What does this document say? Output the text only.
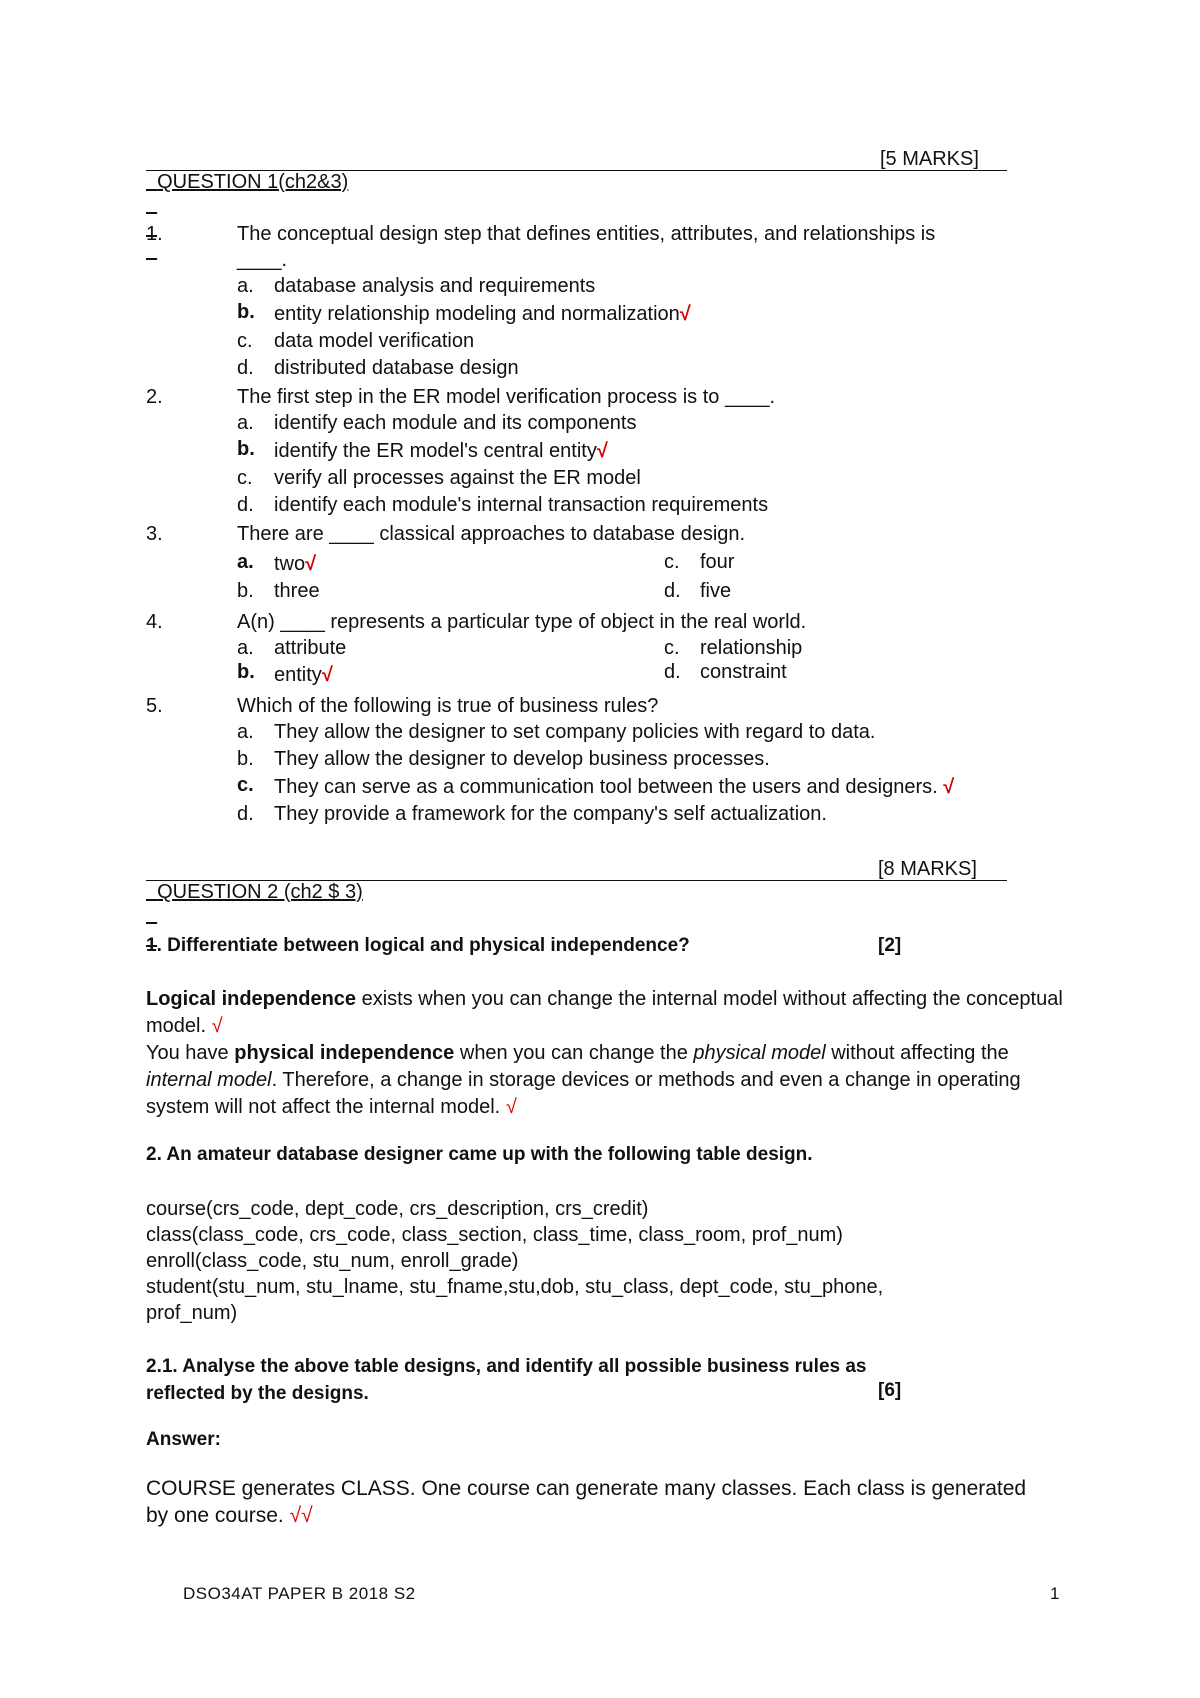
QUESTION 1(ch2&3)

[5 MARKS]

1.	The conceptual design step that defines entities, attributes, and relationships is
____.
a. database analysis and requirements
b. entity relationship modeling and normalization√
c. data model verification
d. distributed database design
2.	The first step in the ER model verification process is to ____.
a. identify each module and its components
b. identify the ER model's central entity√
c. verify all processes against the ER model
d. identify each module's internal transaction requirements
3.	There are ____ classical approaches to database design.
a. two√	c. four
b. three	d. five
4.	A(n) ____ represents a particular type of object in the real world.
a. attribute	c. relationship
b. entity√	d. constraint
5.	Which of the following is true of business rules?
a. They allow the designer to set company policies with regard to data.
b. They allow the designer to develop business processes.
c. They can serve as a communication tool between the users and designers. √
d. They provide a framework for the company's self actualization.

QUESTION 2 (ch2 $ 3)

[8 MARKS]

1. Differentiate between logical and physical independence?	[2]
Logical independence exists when you can change the internal model without affecting the conceptual model. √
You have physical independence when you can change the physical model without affecting the internal model. Therefore, a change in storage devices or methods and even a change in operating system will not affect the internal model. √
2. An amateur database designer came up with the following table design.
course(crs_code, dept_code, crs_description, crs_credit)
class(class_code, crs_code, class_section, class_time, class_room, prof_num)
enroll(class_code, stu_num, enroll_grade)
student(stu_num, stu_lname, stu_fname,stu,dob, stu_class, dept_code, stu_phone,
prof_num)
2.1. Analyse the above table designs, and identify all possible business rules as
reflected by the designs.	[6]
Answer:
COURSE generates CLASS. One course can generate many classes. Each class is generated by one course. √√
DSO34AT PAPER B 2018 S2	1
